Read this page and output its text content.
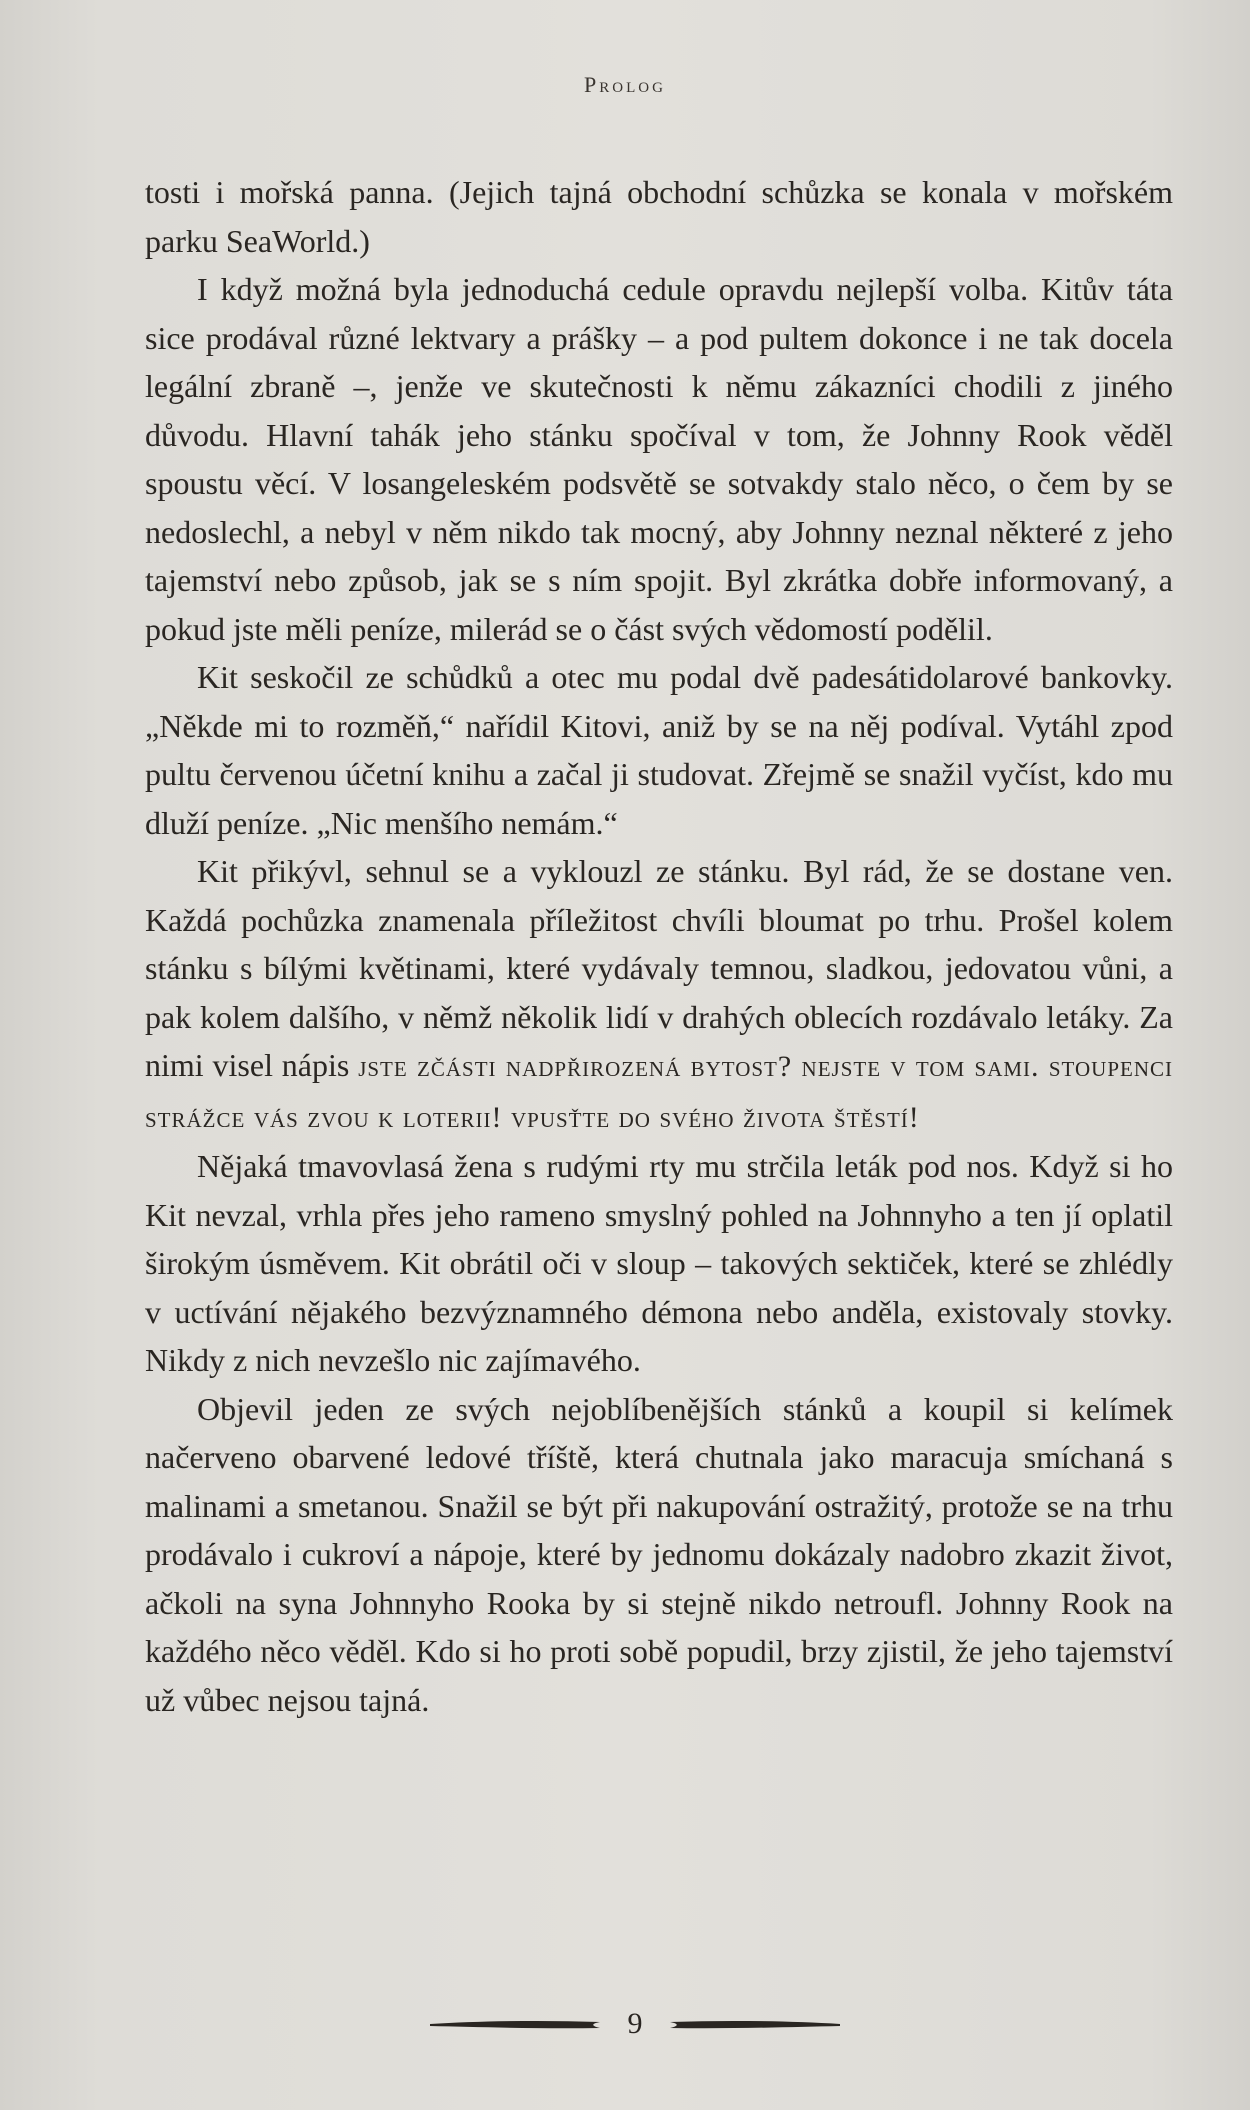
Prolog

tosti i mořská panna. (Jejich tajná obchodní schůzka se konala v mořském parku SeaWorld.)

I když možná byla jednoduchá cedule opravdu nejlepší volba. Kitův táta sice prodával různé lektvary a prášky – a pod pultem dokonce i ne tak docela legální zbraně –, jenže ve skutečnosti k němu zákazníci chodili z jiného důvodu. Hlavní tahák jeho stánku spočíval v tom, že Johnny Rook věděl spoustu věcí. V losangeleském podsvětě se sotvakdy stalo něco, o čem by se nedoslechl, a nebyl v něm nikdo tak mocný, aby Johnny neznal některé z jeho tajemství nebo způsob, jak se s ním spojit. Byl zkrátka dobře informovaný, a pokud jste měli peníze, milerád se o část svých vědomostí podělil.

Kit seskočil ze schůdků a otec mu podal dvě padesátidolarové bankovky. „Někde mi to rozměň,“ nařídil Kitovi, aniž by se na něj podíval. Vytáhl zpod pultu červenou účetní knihu a začal ji studovat. Zřejmě se snažil vyčíst, kdo mu dluží peníze. „Nic menšího nemám.“

Kit přikývl, sehnul se a vyklouzl ze stánku. Byl rád, že se dostane ven. Každá pochůzka znamenala příležitost chvíli bloumat po trhu. Prošel kolem stánku s bílými květinami, které vydávaly temnou, sladkou, jedovatou vůni, a pak kolem dalšího, v němž několik lidí v drahých oblecích rozdávalo letáky. Za nimi visel nápis jste zčásti nadpřirozená bytost? nejste v tom sami. stoupenci strážce vás zvou k loterii! vpusťte do svého života štěstí!

Nějaká tmavovlasá žena s rudými rty mu strčila leták pod nos. Když si ho Kit nevzal, vrhla přes jeho rameno smyslný pohled na Johnnyho a ten jí oplatil širokým úsměvem. Kit obrátil oči v sloup – takových sektiček, které se zhlédly v uctívání nějakého bezvýznamného démona nebo anděla, existovaly stovky. Nikdy z nich nevzešlo nic zajímavého.

Objevil jeden ze svých nejoblíbenějších stánků a koupil si kelímek načerveno obarvené ledové tříště, která chutnala jako maracuja smíchaná s malinami a smetanou. Snažil se být při nakupování ostražitý, protože se na trhu prodávalo i cukroví a nápoje, které by jednomu dokázaly nadobro zkazit život, ačkoli na syna Johnnyho Rooka by si stejně nikdo netroufl. Johnny Rook na každého něco věděl. Kdo si ho proti sobě popudil, brzy zjistil, že jeho tajemství už vůbec nejsou tajná.

9
